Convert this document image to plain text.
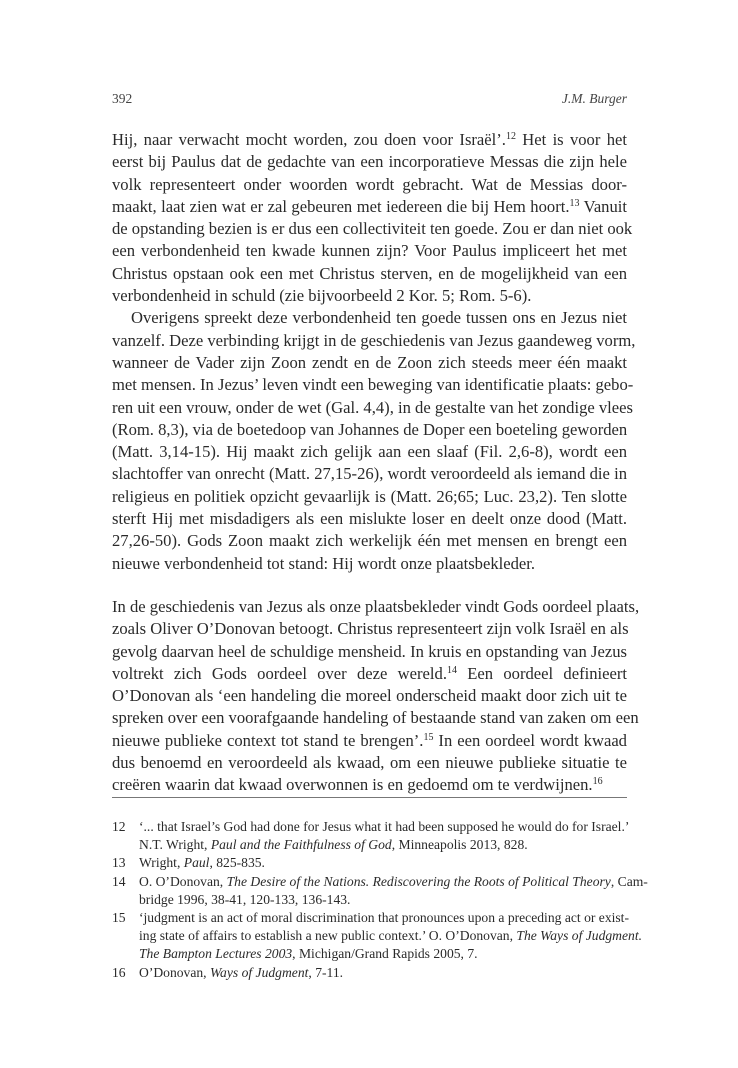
392	J.M. Burger
Hij, naar verwacht mocht worden, zou doen voor Israël’.$^{12}$ Het is voor het
eerst bij Paulus dat de gedachte van een incorporatieve Messas die zijn hele
volk representeert onder woorden wordt gebracht. Wat de Messias door-
maakt, laat zien wat er zal gebeuren met iedereen die bij Hem hoort.$^{13}$ Vanuit
de opstanding bezien is er dus een collectiviteit ten goede. Zou er dan niet ook
een verbondenheid ten kwade kunnen zijn? Voor Paulus impliceert het met
Christus opstaan ook een met Christus sterven, en de mogelijkheid van een
verbondenheid in schuld (zie bijvoorbeeld 2 Kor. 5; Rom. 5-6).
Overigens spreekt deze verbondenheid ten goede tussen ons en Jezus niet
vanzelf. Deze verbinding krijgt in de geschiedenis van Jezus gaandeweg vorm,
wanneer de Vader zijn Zoon zendt en de Zoon zich steeds meer één maakt
met mensen. In Jezus’ leven vindt een beweging van identificatie plaats: gebo-
ren uit een vrouw, onder de wet (Gal. 4,4), in de gestalte van het zondige vlees
(Rom. 8,3), via de boetedoop van Johannes de Doper een boeteling geworden
(Matt. 3,14-15). Hij maakt zich gelijk aan een slaaf (Fil. 2,6-8), wordt een
slachtoffer van onrecht (Matt. 27,15-26), wordt veroordeeld als iemand die in
religieus en politiek opzicht gevaarlijk is (Matt. 26;65; Luc. 23,2). Ten slotte
sterft Hij met misdadigers als een mislukte loser en deelt onze dood (Matt.
27,26-50). Gods Zoon maakt zich werkelijk één met mensen en brengt een
nieuwe verbondenheid tot stand: Hij wordt onze plaatsbekleder.
In de geschiedenis van Jezus als onze plaatsbekleder vindt Gods oordeel plaats,
zoals Oliver O’Donovan betoogt. Christus representeert zijn volk Israël en als
gevolg daarvan heel de schuldige mensheid. In kruis en opstanding van Jezus
voltrekt zich Gods oordeel over deze wereld.$^{14}$ Een oordeel definieert
O’Donovan als ‘een handeling die moreel onderscheid maakt door zich uit te
spreken over een voorafgaande handeling of bestaande stand van zaken om een
nieuwe publieke context tot stand te brengen’.$^{15}$ In een oordeel wordt kwaad
dus benoemd en veroordeeld als kwaad, om een nieuwe publieke situatie te
creëren waarin dat kwaad overwonnen is en gedoemd om te verdwijnen.$^{16}$
12 ‘... that Israel’s God had done for Jesus what it had been supposed he would do for Israel.’
N.T. Wright, Paul and the Faithfulness of God, Minneapolis 2013, 828.
13 Wright, Paul, 825-835.
14 O. O’Donovan, The Desire of the Nations. Rediscovering the Roots of Political Theory, Cam-
bridge 1996, 38-41, 120-133, 136-143.
15 ‘judgment is an act of moral discrimination that pronounces upon a preceding act or exist-
ing state of affairs to establish a new public context.’ O. O’Donovan, The Ways of Judgment.
The Bampton Lectures 2003, Michigan/Grand Rapids 2005, 7.
16 O’Donovan, Ways of Judgment, 7-11.
